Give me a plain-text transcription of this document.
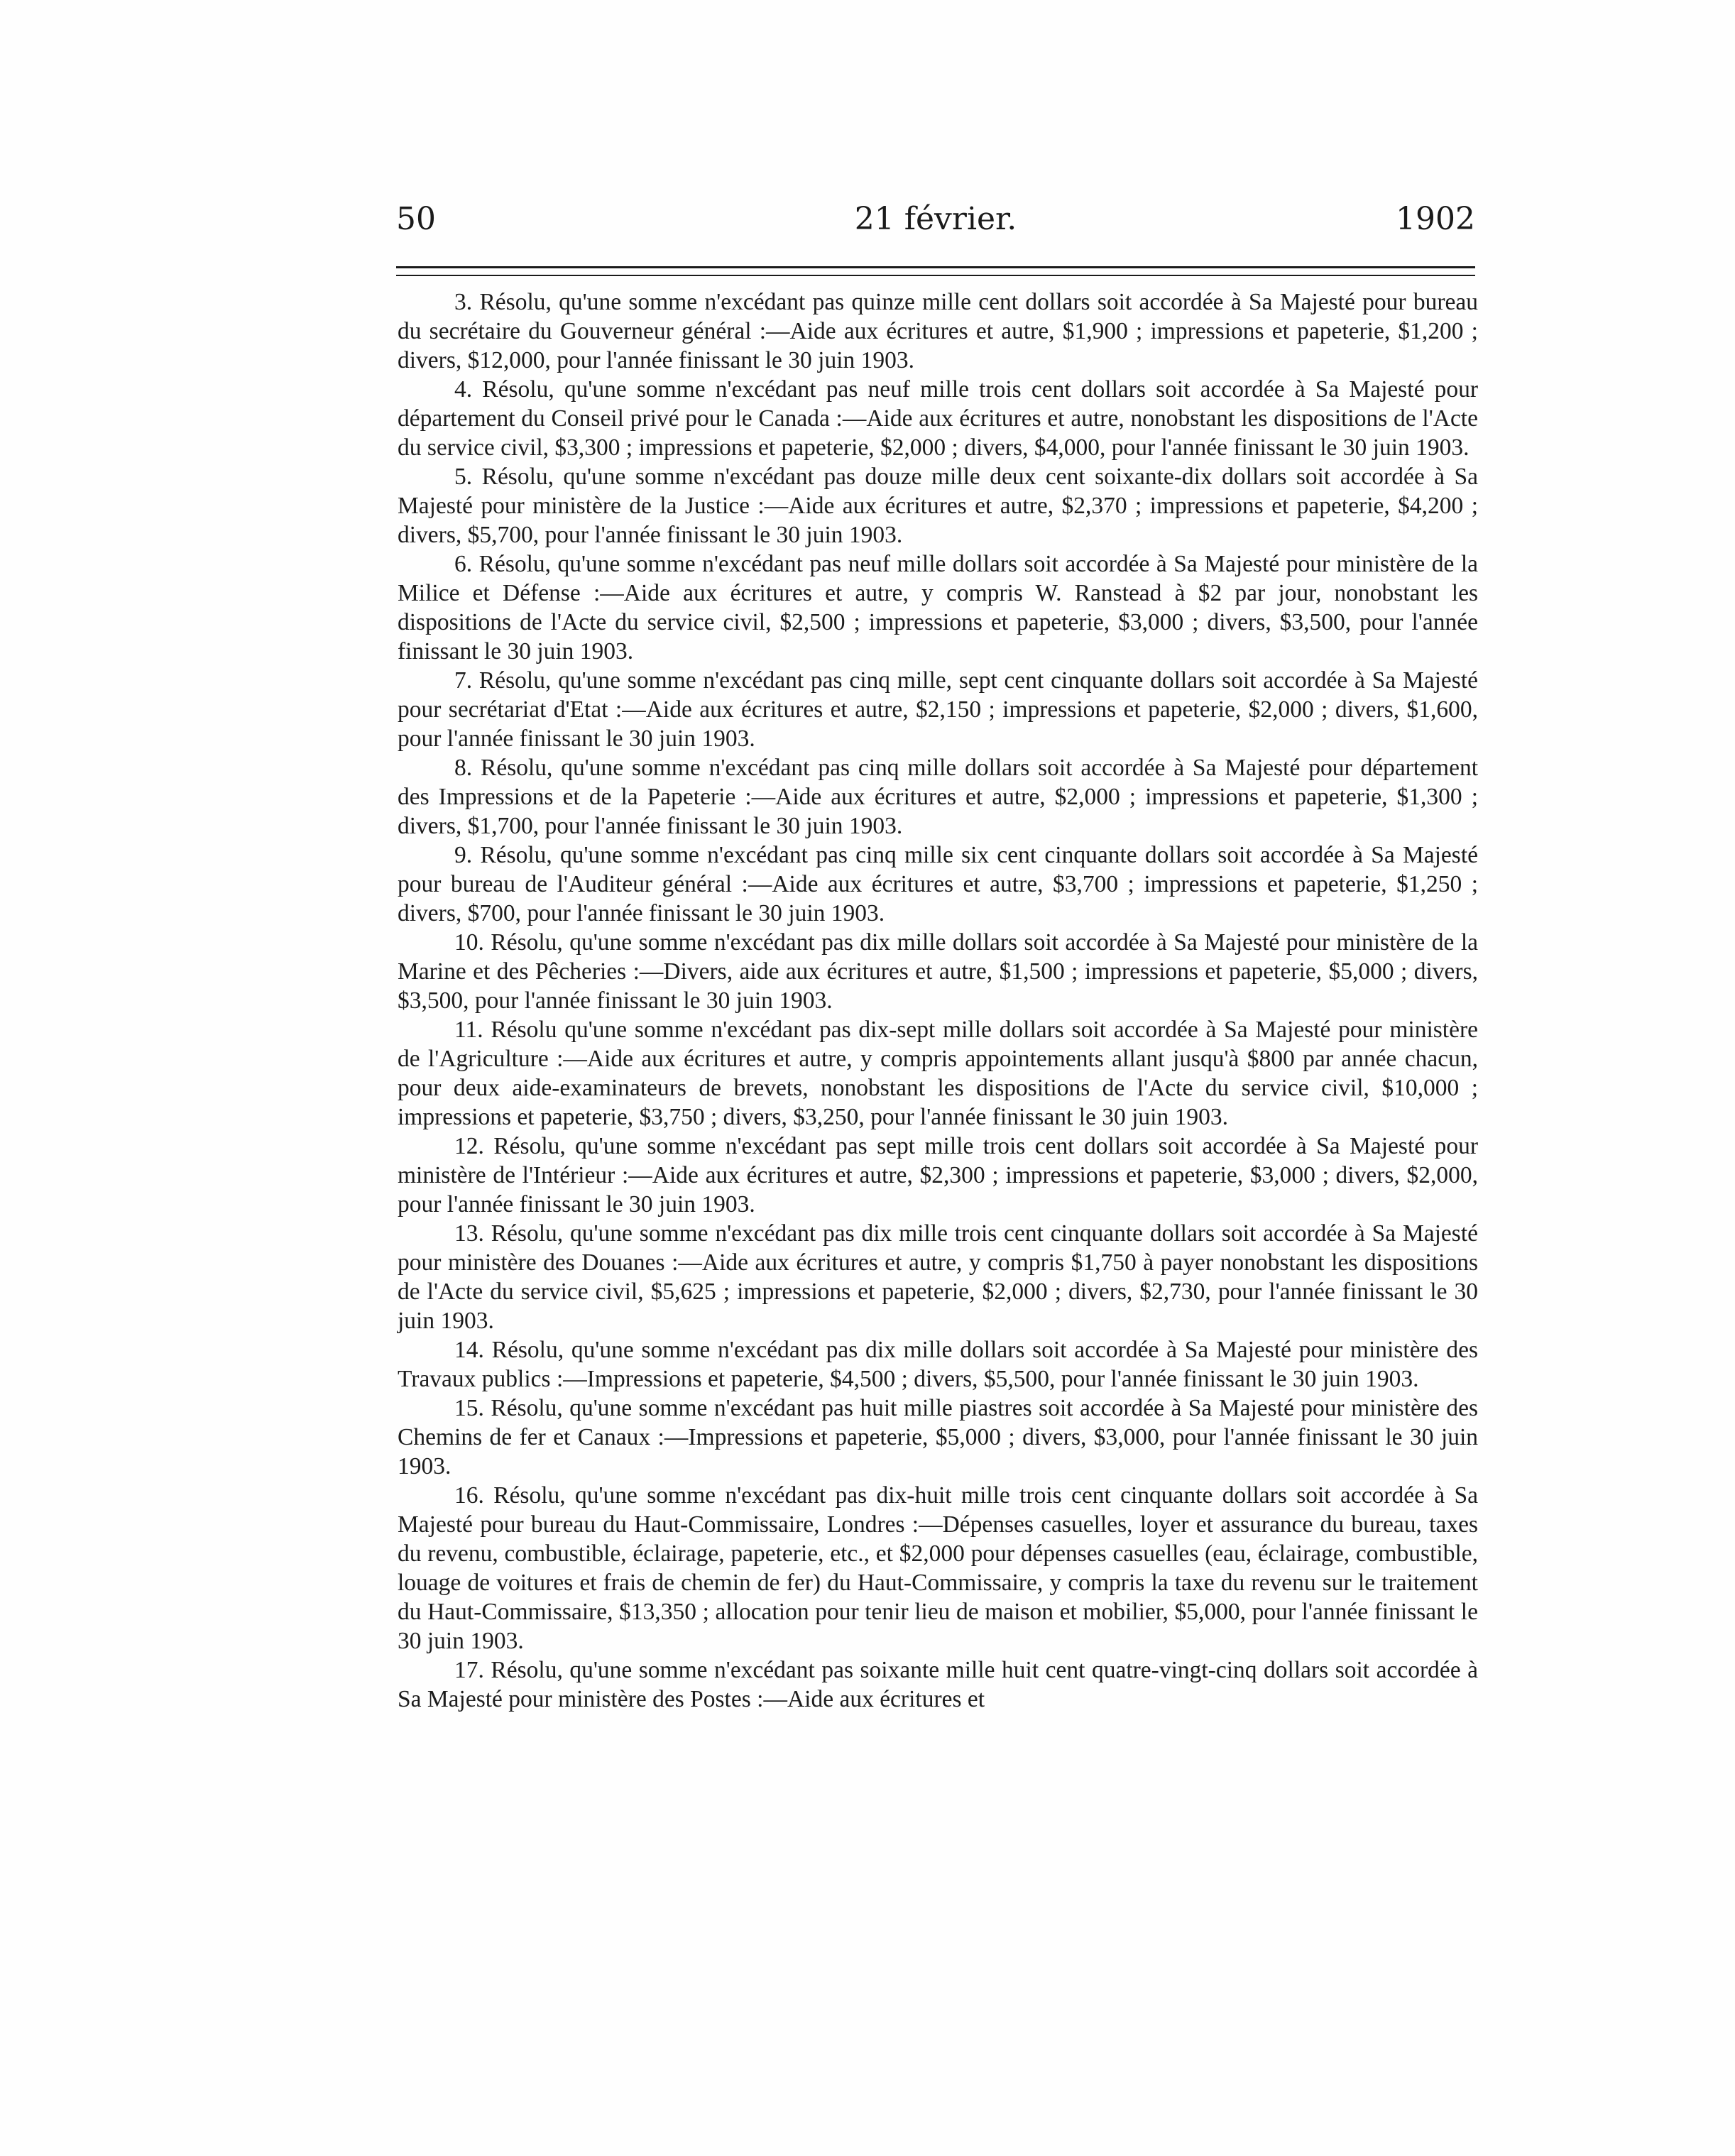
50	21 février.	1902

3. Résolu, qu'une somme n'excédant pas quinze mille cent dollars soit accordée à Sa Majesté pour bureau du secrétaire du Gouverneur général :—Aide aux écritures et autre, $1,900 ; impressions et papeterie, $1,200 ; divers, $12,000, pour l'année finissant le 30 juin 1903.

4. Résolu, qu'une somme n'excédant pas neuf mille trois cent dollars soit accordée à Sa Majesté pour département du Conseil privé pour le Canada :—Aide aux écritures et autre, nonobstant les dispositions de l'Acte du service civil, $3,300 ; impressions et papeterie, $2,000 ; divers, $4,000, pour l'année finissant le 30 juin 1903.

5. Résolu, qu'une somme n'excédant pas douze mille deux cent soixante-dix dollars soit accordée à Sa Majesté pour ministère de la Justice :—Aide aux écritures et autre, $2,370 ; impressions et papeterie, $4,200 ; divers, $5,700, pour l'année finissant le 30 juin 1903.

6. Résolu, qu'une somme n'excédant pas neuf mille dollars soit accordée à Sa Majesté pour ministère de la Milice et Défense :—Aide aux écritures et autre, y compris W. Ranstead à $2 par jour, nonobstant les dispositions de l'Acte du service civil, $2,500 ; impressions et papeterie, $3,000 ; divers, $3,500, pour l'année finissant le 30 juin 1903.

7. Résolu, qu'une somme n'excédant pas cinq mille, sept cent cinquante dollars soit accordée à Sa Majesté pour secrétariat d'Etat :—Aide aux écritures et autre, $2,150 ; impressions et papeterie, $2,000 ; divers, $1,600, pour l'année finissant le 30 juin 1903.

8. Résolu, qu'une somme n'excédant pas cinq mille dollars soit accordée à Sa Majesté pour département des Impressions et de la Papeterie :—Aide aux écritures et autre, $2,000 ; impressions et papeterie, $1,300 ; divers, $1,700, pour l'année finissant le 30 juin 1903.

9. Résolu, qu'une somme n'excédant pas cinq mille six cent cinquante dollars soit accordée à Sa Majesté pour bureau de l'Auditeur général :—Aide aux écritures et autre, $3,700 ; impressions et papeterie, $1,250 ; divers, $700, pour l'année finissant le 30 juin 1903.

10. Résolu, qu'une somme n'excédant pas dix mille dollars soit accordée à Sa Majesté pour ministère de la Marine et des Pêcheries :—Divers, aide aux écritures et autre, $1,500 ; impressions et papeterie, $5,000 ; divers, $3,500, pour l'année finissant le 30 juin 1903.

11. Résolu qu'une somme n'excédant pas dix-sept mille dollars soit accordée à Sa Majesté pour ministère de l'Agriculture :—Aide aux écritures et autre, y compris appointements allant jusqu'à $800 par année chacun, pour deux aide-examinateurs de brevets, nonobstant les dispositions de l'Acte du service civil, $10,000 ; impressions et papeterie, $3,750 ; divers, $3,250, pour l'année finissant le 30 juin 1903.

12. Résolu, qu'une somme n'excédant pas sept mille trois cent dollars soit accordée à Sa Majesté pour ministère de l'Intérieur :—Aide aux écritures et autre, $2,300 ; impressions et papeterie, $3,000 ; divers, $2,000, pour l'année finissant le 30 juin 1903.

13. Résolu, qu'une somme n'excédant pas dix mille trois cent cinquante dollars soit accordée à Sa Majesté pour ministère des Douanes :—Aide aux écritures et autre, y compris $1,750 à payer nonobstant les dispositions de l'Acte du service civil, $5,625 ; impressions et papeterie, $2,000 ; divers, $2,730, pour l'année finissant le 30 juin 1903.

14. Résolu, qu'une somme n'excédant pas dix mille dollars soit accordée à Sa Majesté pour ministère des Travaux publics :—Impressions et papeterie, $4,500 ; divers, $5,500, pour l'année finissant le 30 juin 1903.

15. Résolu, qu'une somme n'excédant pas huit mille piastres soit accordée à Sa Majesté pour ministère des Chemins de fer et Canaux :—Impressions et papeterie, $5,000 ; divers, $3,000, pour l'année finissant le 30 juin 1903.

16. Résolu, qu'une somme n'excédant pas dix-huit mille trois cent cinquante dollars soit accordée à Sa Majesté pour bureau du Haut-Commissaire, Londres :—Dépenses casuelles, loyer et assurance du bureau, taxes du revenu, combustible, éclairage, papeterie, etc., et $2,000 pour dépenses casuelles (eau, éclairage, combustible, louage de voitures et frais de chemin de fer) du Haut-Commissaire, y compris la taxe du revenu sur le traitement du Haut-Commissaire, $13,350 ; allocation pour tenir lieu de maison et mobilier, $5,000, pour l'année finissant le 30 juin 1903.

17. Résolu, qu'une somme n'excédant pas soixante mille huit cent quatre-vingt-cinq dollars soit accordée à Sa Majesté pour ministère des Postes :—Aide aux écritures et
